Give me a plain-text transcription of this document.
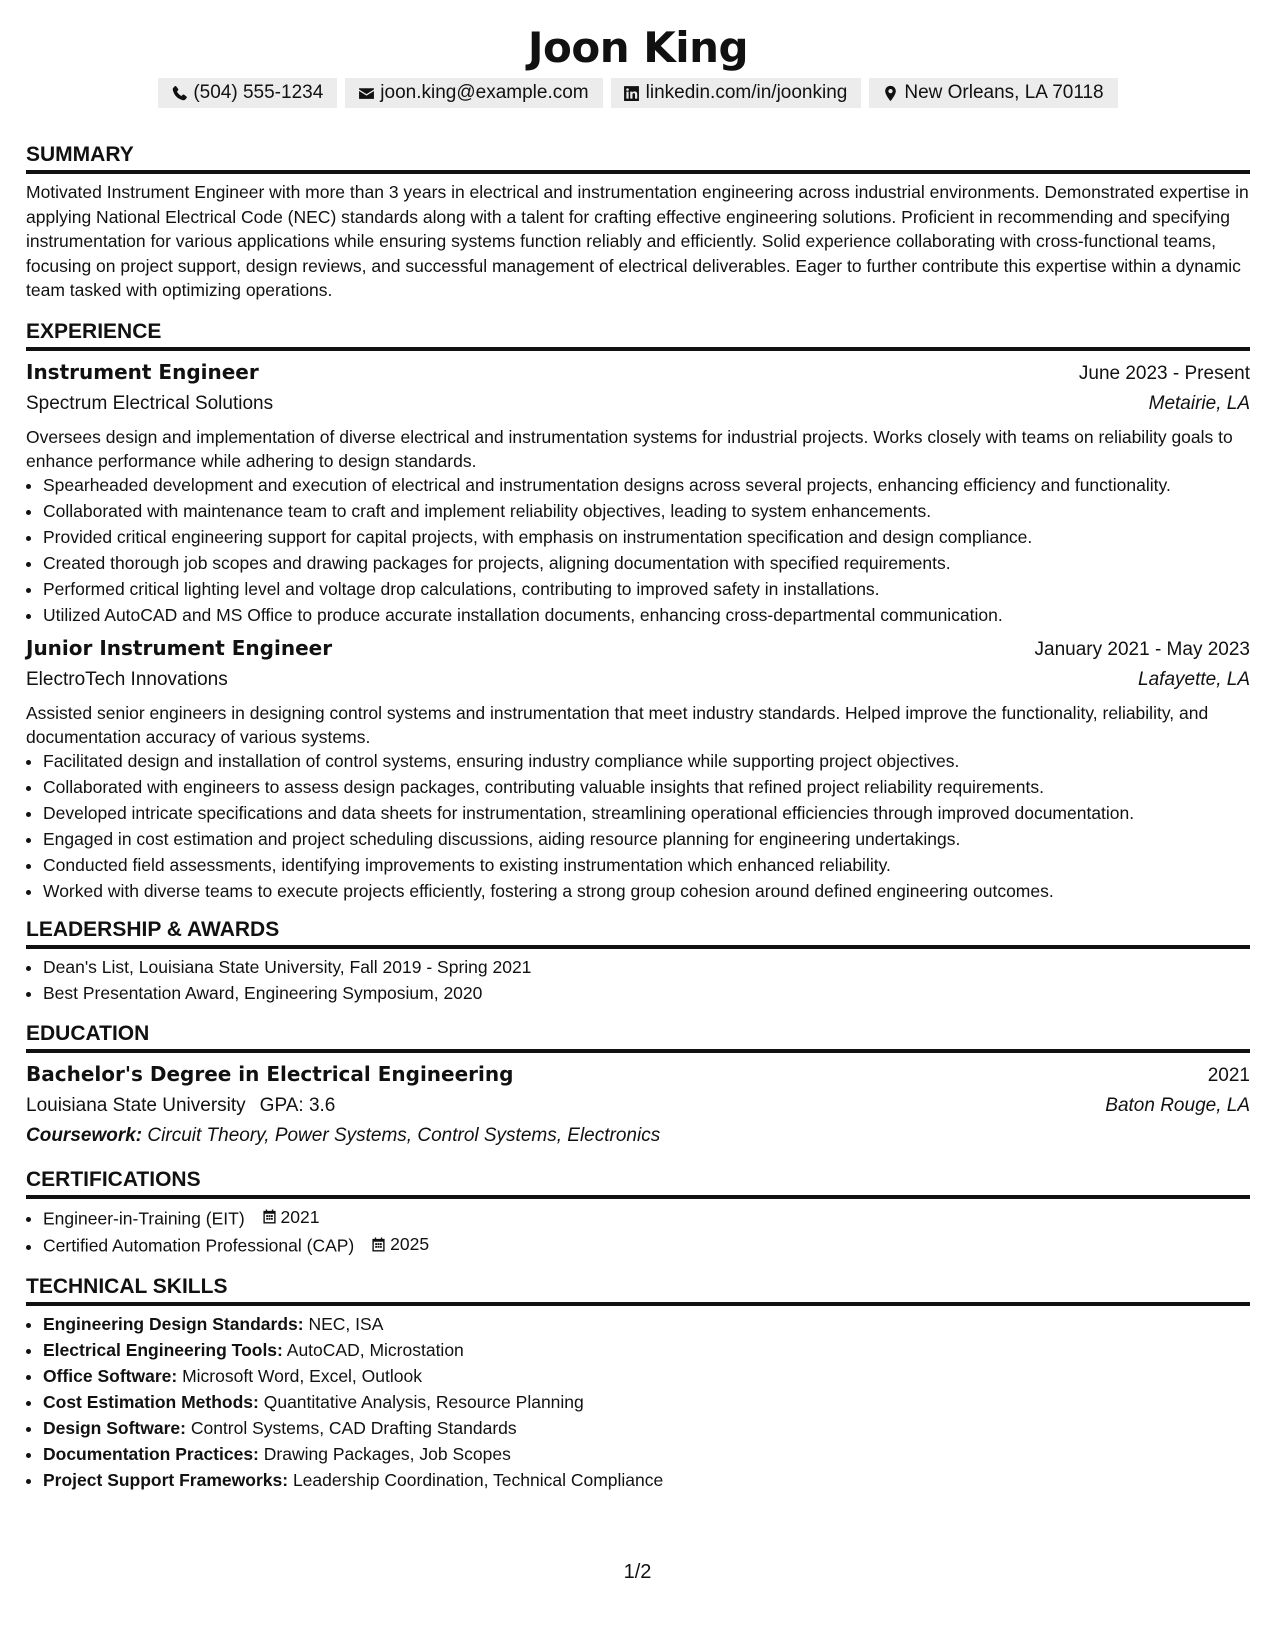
Joon King
(504) 555-1234	joon.king@example.com	linkedin.com/in/joonking	New Orleans, LA 70118
SUMMARY

Motivated Instrument Engineer with more than 3 years in electrical and instrumentation engineering across industrial environments. Demonstrated expertise in applying National Electrical Code (NEC) standards along with a talent for crafting effective engineering solutions. Proficient in recommending and specifying instrumentation for various applications while ensuring systems function reliably and efficiently. Solid experience collaborating with cross-functional teams, focusing on project support, design reviews, and successful management of electrical deliverables. Eager to further contribute this expertise within a dynamic team tasked with optimizing operations.

EXPERIENCE
Instrument Engineer	June 2023 - Present
Spectrum Electrical Solutions	Metairie, LA
Oversees design and implementation of diverse electrical and instrumentation systems for industrial projects. Works closely with teams on reliability goals to enhance performance while adhering to design standards.
• Spearheaded development and execution of electrical and instrumentation designs across several projects, enhancing efficiency and functionality.
• Collaborated with maintenance team to craft and implement reliability objectives, leading to system enhancements.
• Provided critical engineering support for capital projects, with emphasis on instrumentation specification and design compliance.
• Created thorough job scopes and drawing packages for projects, aligning documentation with specified requirements.
• Performed critical lighting level and voltage drop calculations, contributing to improved safety in installations.
• Utilized AutoCAD and MS Office to produce accurate installation documents, enhancing cross-departmental communication.
Junior Instrument Engineer	January 2021 - May 2023
ElectroTech Innovations	Lafayette, LA
Assisted senior engineers in designing control systems and instrumentation that meet industry standards. Helped improve the functionality, reliability, and documentation accuracy of various systems.
• Facilitated design and installation of control systems, ensuring industry compliance while supporting project objectives.
• Collaborated with engineers to assess design packages, contributing valuable insights that refined project reliability requirements.
• Developed intricate specifications and data sheets for instrumentation, streamlining operational efficiencies through improved documentation.
• Engaged in cost estimation and project scheduling discussions, aiding resource planning for engineering undertakings.
• Conducted field assessments, identifying improvements to existing instrumentation which enhanced reliability.
• Worked with diverse teams to execute projects efficiently, fostering a strong group cohesion around defined engineering outcomes.
LEADERSHIP & AWARDS
• Dean's List, Louisiana State University, Fall 2019 - Spring 2021
• Best Presentation Award, Engineering Symposium, 2020
EDUCATION
Bachelor's Degree in Electrical Engineering	2021
Louisiana State University GPA: 3.6	Baton Rouge, LA
Coursework: Circuit Theory, Power Systems, Control Systems, Electronics
CERTIFICATIONS
• Engineer-in-Training (EIT) 2021
• Certified Automation Professional (CAP) 2025
TECHNICAL SKILLS
• Engineering Design Standards: NEC, ISA
• Electrical Engineering Tools: AutoCAD, Microstation
• Office Software: Microsoft Word, Excel, Outlook
• Cost Estimation Methods: Quantitative Analysis, Resource Planning
• Design Software: Control Systems, CAD Drafting Standards
• Documentation Practices: Drawing Packages, Job Scopes
• Project Support Frameworks: Leadership Coordination, Technical Compliance
1/2
